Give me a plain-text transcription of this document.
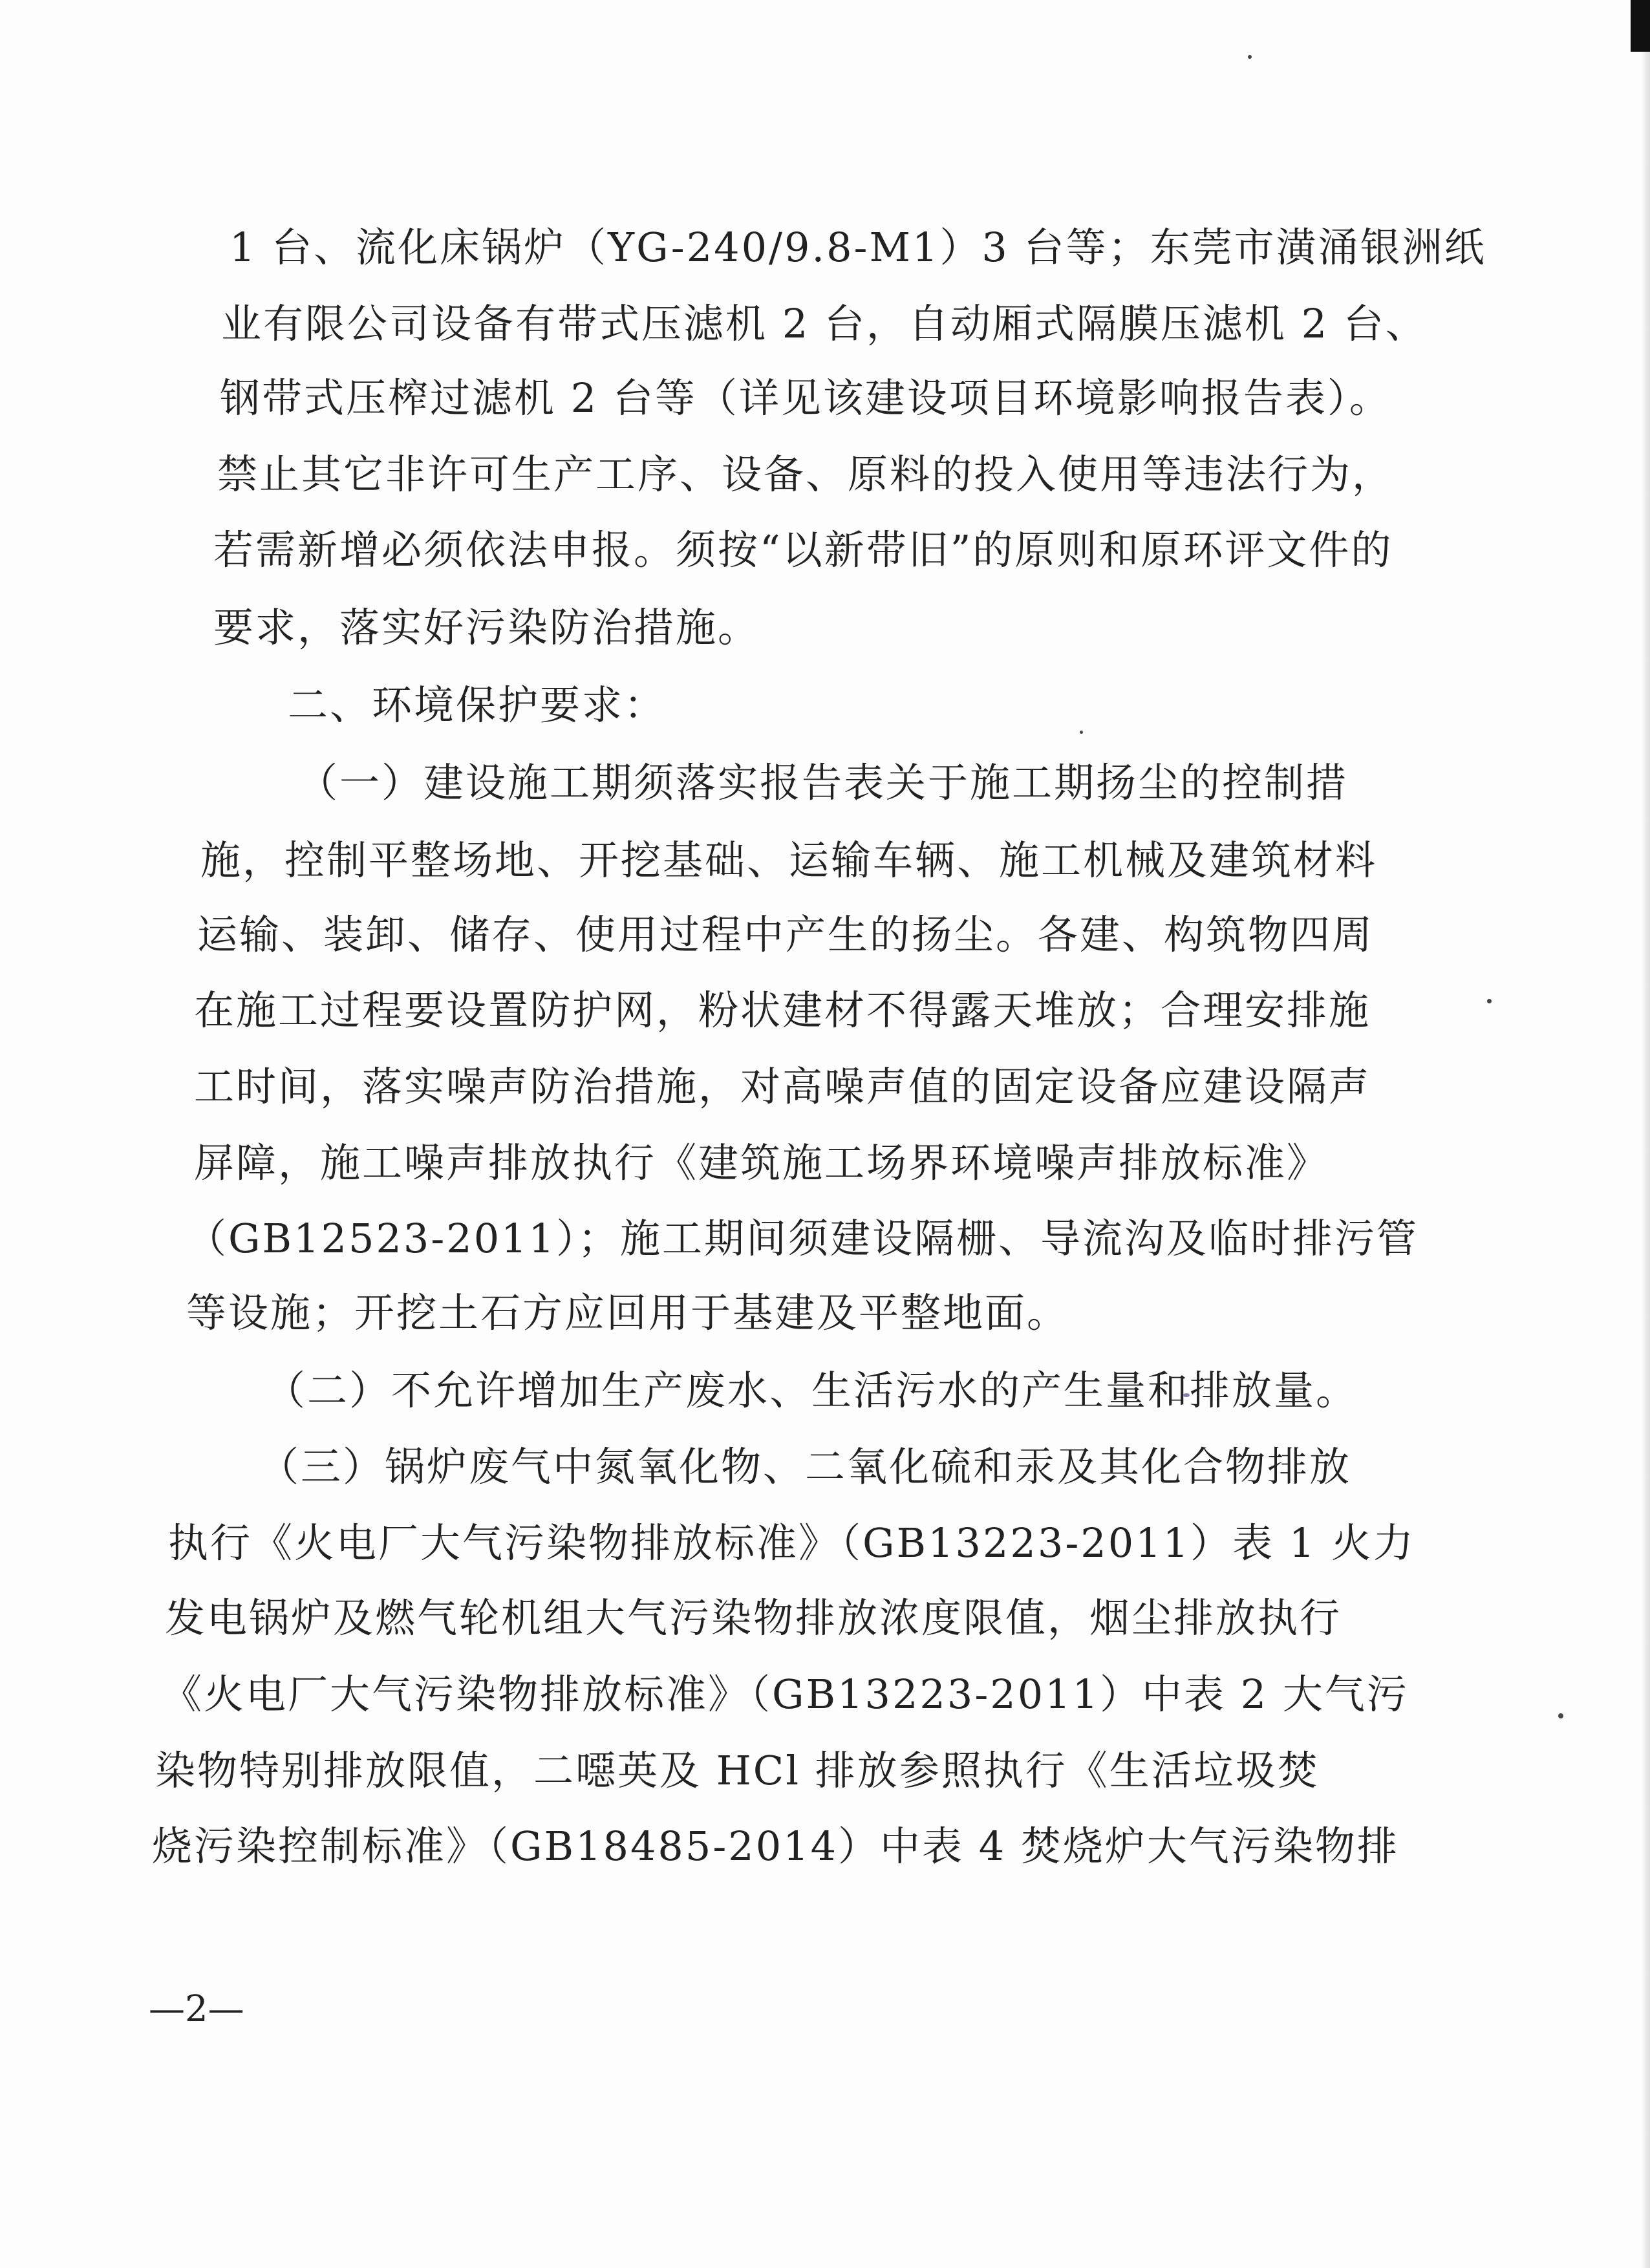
1 台、流化床锅炉（YG-240/9.8-M1）3 台等；东莞市潢涌银洲纸
业有限公司设备有带式压滤机 2 台，自动厢式隔膜压滤机 2 台、
钢带式压榨过滤机 2 台等（详见该建设项目环境影响报告表）。
禁止其它非许可生产工序、设备、原料的投入使用等违法行为，
若需新增必须依法申报。须按“以新带旧”的原则和原环评文件的
要求，落实好污染防治措施。
二、环境保护要求：
（一）建设施工期须落实报告表关于施工期扬尘的控制措
施，控制平整场地、开挖基础、运输车辆、施工机械及建筑材料
运输、装卸、储存、使用过程中产生的扬尘。各建、构筑物四周
在施工过程要设置防护网，粉状建材不得露天堆放；合理安排施
工时间，落实噪声防治措施，对高噪声值的固定设备应建设隔声
屏障，施工噪声排放执行《建筑施工场界环境噪声排放标准》
（GB12523-2011）；施工期间须建设隔栅、导流沟及临时排污管
等设施；开挖土石方应回用于基建及平整地面。
（二）不允许增加生产废水、生活污水的产生量和排放量。
（三）锅炉废气中氮氧化物、二氧化硫和汞及其化合物排放
执行《火电厂大气污染物排放标准》（GB13223-2011）表 1 火力
发电锅炉及燃气轮机组大气污染物排放浓度限值，烟尘排放执行
《火电厂大气污染物排放标准》（GB13223-2011）中表 2 大气污
染物特别排放限值，二噁英及 HCl 排放参照执行《生活垃圾焚
烧污染控制标准》（GB18485-2014）中表 4 焚烧炉大气污染物排
—2—
